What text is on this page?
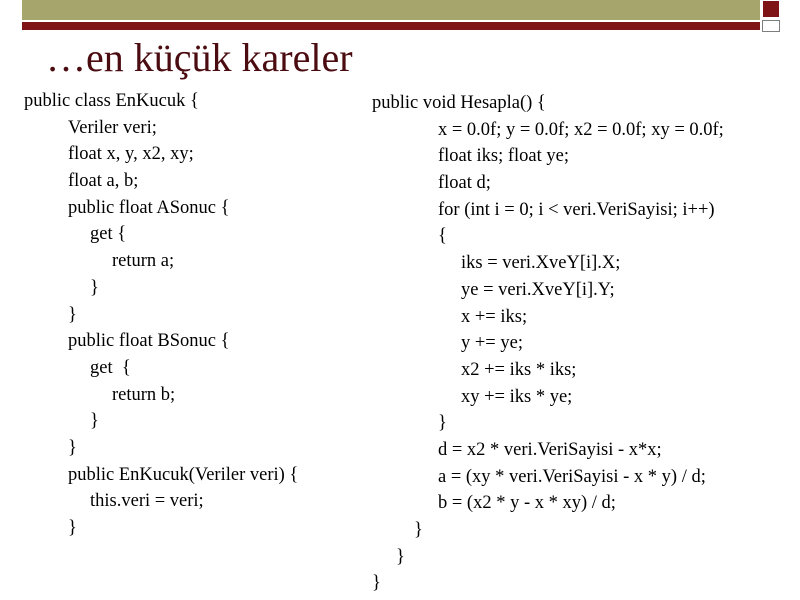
…en küçük kareler
public class EnKucuk {
Veriler veri;
float x, y, x2, xy;
float a, b;
public float ASonuc {
get {
return a;
}
}
public float BSonuc {
get  {
return b;
}
}
public EnKucuk(Veriler veri) {
this.veri = veri;
}
public void Hesapla() {
x = 0.0f; y = 0.0f; x2 = 0.0f; xy = 0.0f;
float iks; float ye;
float d;
for (int i = 0; i < veri.VeriSayisi; i++)
{
iks = veri.XveY[i].X;
ye = veri.XveY[i].Y;
x += iks;
y += ye;
x2 += iks * iks;
xy += iks * ye;
}
d = x2 * veri.VeriSayisi - x*x;
a = (xy * veri.VeriSayisi - x * y) / d;
b = (x2 * y - x * xy) / d;
}
}
}
